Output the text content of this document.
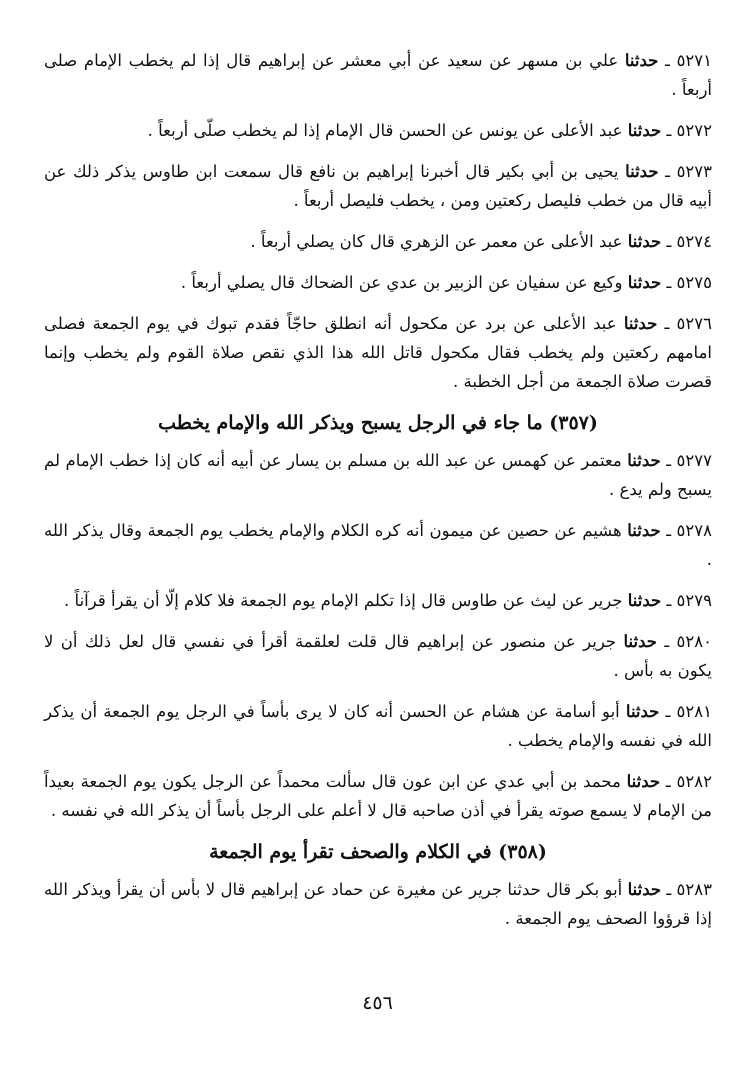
٥٢٧١ ـ حدثنا علي بن مسهر عن سعيد عن أبي معشر عن إبراهيم قال إذا لم يخطب الإمام صلى أربعاً .

٥٢٧٢ ـ حدثنا عبد الأعلى عن يونس عن الحسن قال الإمام إذا لم يخطب صلّى أربعاً .

٥٢٧٣ ـ حدثنا يحيى بن أبي بكير قال أخبرنا إبراهيم بن نافع قال سمعت ابن طاوس يذكر ذلك عن أبيه قال من خطب فليصل ركعتين ومن ، يخطب فليصل أربعاً .

٥٢٧٤ ـ حدثنا عبد الأعلى عن معمر عن الزهري قال كان يصلي أربعاً .

٥٢٧٥ ـ حدثنا وكيع عن سفيان عن الزبير بن عدي عن الضحاك قال يصلي أربعاً .

٥٢٧٦ ـ حدثنا عبد الأعلى عن برد عن مكحول أنه انطلق حاجّاً فقدم تبوك في يوم الجمعة فصلى امامهم ركعتين ولم يخطب فقال مكحول قاتل الله هذا الذي نقص صلاة القوم ولم يخطب وإنما قصرت صلاة الجمعة من أجل الخطبة .

(٣٥٧) ما جاء في الرجل يسبح ويذكر الله والإمام يخطب

٥٢٧٧ ـ حدثنا معتمر عن كهمس عن عبد الله بن مسلم بن يسار عن أبيه أنه كان إذا خطب الإمام لم يسبح ولم يدع .

٥٢٧٨ ـ حدثنا هشيم عن حصين عن ميمون أنه كره الكلام والإمام يخطب يوم الجمعة وقال يذكر الله .

٥٢٧٩ ـ حدثنا جرير عن ليث عن طاوس قال إذا تكلم الإمام يوم الجمعة فلا كلام إلّا أن يقرأ قرآناً .

٥٢٨٠ ـ حدثنا جرير عن منصور عن إبراهيم قال قلت لعلقمة أقرأ في نفسي قال لعل ذلك أن لا يكون به بأس .

٥٢٨١ ـ حدثنا أبو أسامة عن هشام عن الحسن أنه كان لا يرى بأساً في الرجل يوم الجمعة أن يذكر الله في نفسه والإمام يخطب .

٥٢٨٢ ـ حدثنا محمد بن أبي عدي عن ابن عون قال سألت محمداً عن الرجل يكون يوم الجمعة بعيداً من الإمام لا يسمع صوته يقرأ في أذن صاحبه قال لا أعلم على الرجل بأساً أن يذكر الله في نفسه .

(٣٥٨) في الكلام والصحف تقرأ يوم الجمعة

٥٢٨٣ ـ حدثنا أبو بكر قال حدثنا جرير عن مغيرة عن حماد عن إبراهيم قال لا بأس أن يقرأ ويذكر الله إذا قرؤوا الصحف يوم الجمعة .

٤٥٦
